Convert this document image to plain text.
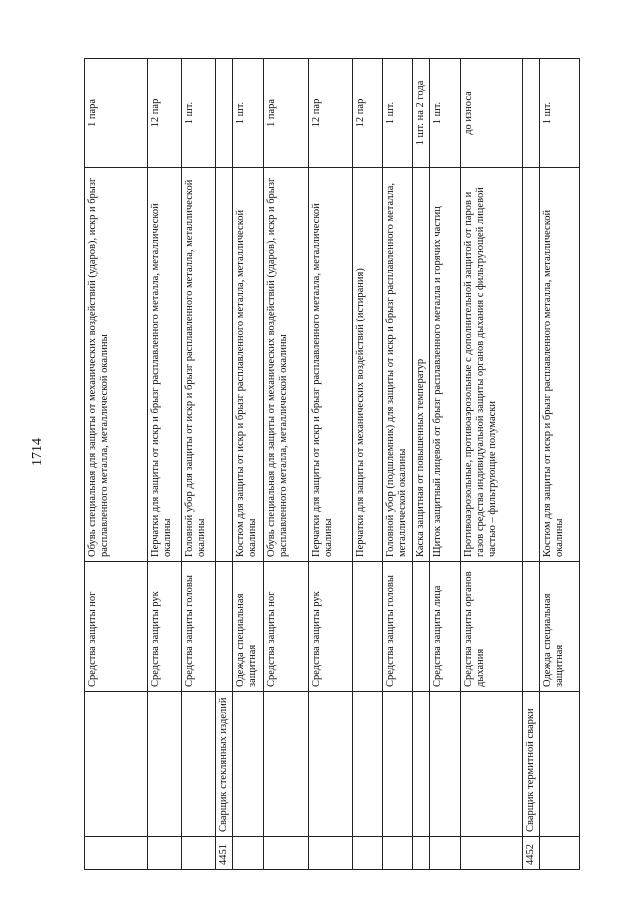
1714
		Средства защиты ног	Обувь специальная для защиты от механических воздействий (ударов), искр и брызг расплавленного металла, металлической окалины	1 пара
		Средства защиты рук	Перчатки для защиты от искр и брызг расплавленного металла, металлической окалины	12 пар
		Средства защиты головы	Головной убор для защиты от искр и брызг расплавленного металла, металлической окалины	1 шт.
4451	Сварщик стеклянных изделий			
		Одежда специальная защитная	Костюм для защиты от искр и брызг расплавленного металла, металлической окалины	1 шт.
		Средства защиты ног	Обувь специальная для защиты от механических воздействий (ударов), искр и брызг расплавленного металла, металлической окалины	1 пара
		Средства защиты рук	Перчатки для защиты от искр и брызг расплавленного металла, металлической окалины	12 пар
			Перчатки для защиты от механических воздействий (истирания)	12 пар
		Средства защиты головы	Головной убор (подшлемник) для защиты от искр и брызг расплавленного металла, металлической окалины	1 шт.
			Каска защитная от повышенных температур	1 шт. на 2 года
		Средства защиты лица	Щиток защитный лицевой от брызг расплавленного металла и горячих частиц	1 шт.
		Средства защиты органов дыхания	Противоаэрозольные, противоаэрозольные с дополнительной защитой от паров и газов средства индивидуальной защиты органов дыхания с фильтрующей лицевой частью – фильтрующие полумаски	до износа
4452	Сварщик термитной сварки			
		Одежда специальная защитная	Костюм для защиты от искр и брызг расплавленного металла, металлической окалины	1 шт.
